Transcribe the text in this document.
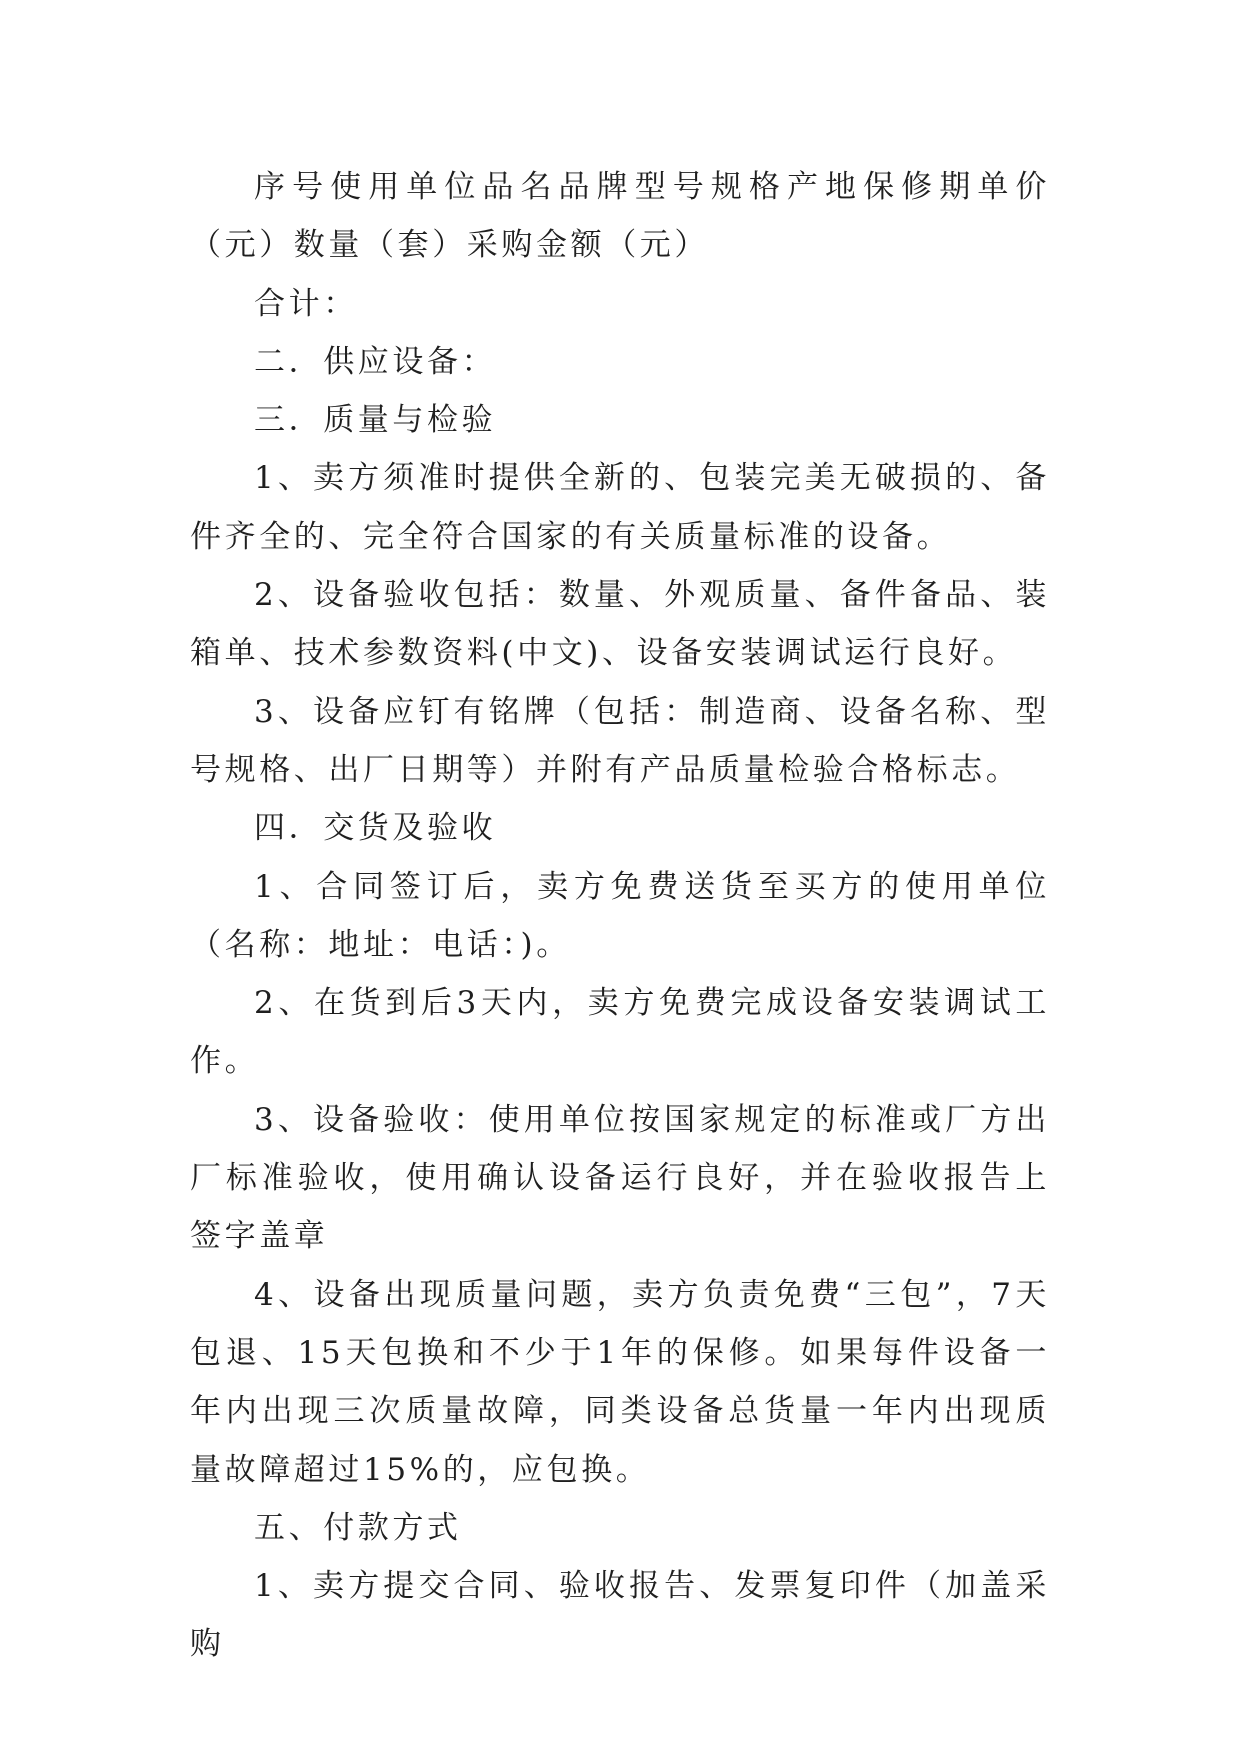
序号使用单位品名品牌型号规格产地保修期单价（元）数量（套）采购金额（元）

合计：

二．供应设备：

三．质量与检验

1、卖方须准时提供全新的、包装完美无破损的、备件齐全的、完全符合国家的有关质量标准的设备。

2、设备验收包括：数量、外观质量、备件备品、装箱单、技术参数资料(中文)、设备安装调试运行良好。

3、设备应钉有铭牌（包括：制造商、设备名称、型号规格、出厂日期等）并附有产品质量检验合格标志。

四．交货及验收

1、合同签订后，卖方免费送货至买方的使用单位（名称：地址：电话：)。

2、在货到后3天内，卖方免费完成设备安装调试工作。

3、设备验收：使用单位按国家规定的标准或厂方出厂标准验收，使用确认设备运行良好，并在验收报告上签字盖章

4、设备出现质量问题，卖方负责免费“三包”，7天包退、15天包换和不少于1年的保修。如果每件设备一年内出现三次质量故障，同类设备总货量一年内出现质量故障超过15%的，应包换。

五、付款方式

1、卖方提交合同、验收报告、发票复印件（加盖采购
